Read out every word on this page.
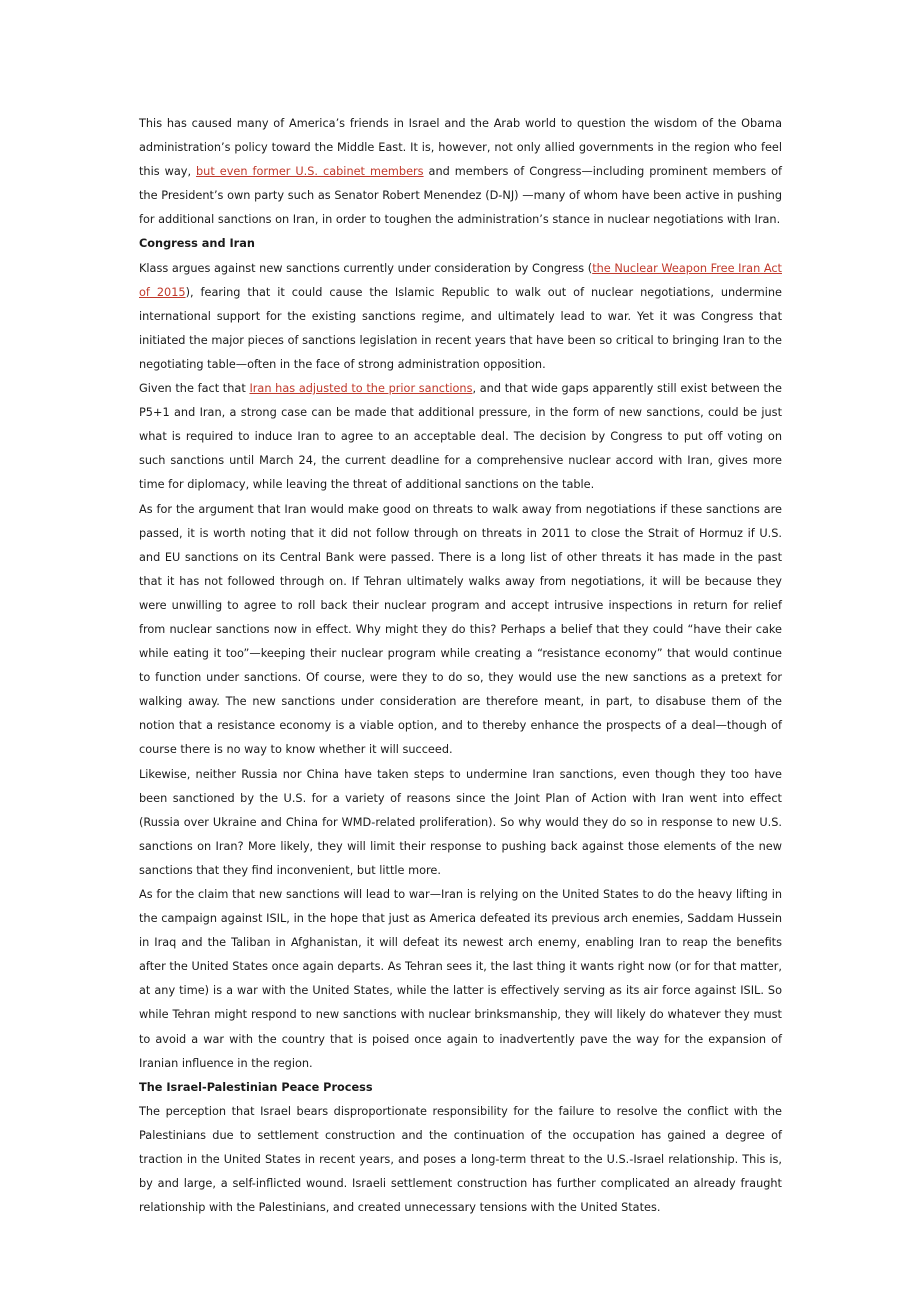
This has caused many of America’s friends in Israel and the Arab world to question the wisdom of the Obama administration’s policy toward the Middle East. It is, however, not only allied governments in the region who feel this way, but even former U.S. cabinet members and members of Congress—including prominent members of the President’s own party such as Senator Robert Menendez (D-NJ) —many of whom have been active in pushing for additional sanctions on Iran, in order to toughen the administration’s stance in nuclear negotiations with Iran.

Congress and Iran

Klass argues against new sanctions currently under consideration by Congress (the Nuclear Weapon Free Iran Act of 2015), fearing that it could cause the Islamic Republic to walk out of nuclear negotiations, undermine international support for the existing sanctions regime, and ultimately lead to war. Yet it was Congress that initiated the major pieces of sanctions legislation in recent years that have been so critical to bringing Iran to the negotiating table—often in the face of strong administration opposition.

Given the fact that Iran has adjusted to the prior sanctions, and that wide gaps apparently still exist between the P5+1 and Iran, a strong case can be made that additional pressure, in the form of new sanctions, could be just what is required to induce Iran to agree to an acceptable deal. The decision by Congress to put off voting on such sanctions until March 24, the current deadline for a comprehensive nuclear accord with Iran, gives more time for diplomacy, while leaving the threat of additional sanctions on the table.

As for the argument that Iran would make good on threats to walk away from negotiations if these sanctions are passed, it is worth noting that it did not follow through on threats in 2011 to close the Strait of Hormuz if U.S. and EU sanctions on its Central Bank were passed. There is a long list of other threats it has made in the past that it has not followed through on. If Tehran ultimately walks away from negotiations, it will be because they were unwilling to agree to roll back their nuclear program and accept intrusive inspections in return for relief from nuclear sanctions now in effect. Why might they do this? Perhaps a belief that they could “have their cake while eating it too”—keeping their nuclear program while creating a “resistance economy” that would continue to function under sanctions. Of course, were they to do so, they would use the new sanctions as a pretext for walking away. The new sanctions under consideration are therefore meant, in part, to disabuse them of the notion that a resistance economy is a viable option, and to thereby enhance the prospects of a deal—though of course there is no way to know whether it will succeed.

Likewise, neither Russia nor China have taken steps to undermine Iran sanctions, even though they too have been sanctioned by the U.S. for a variety of reasons since the Joint Plan of Action with Iran went into effect (Russia over Ukraine and China for WMD-related proliferation). So why would they do so in response to new U.S. sanctions on Iran? More likely, they will limit their response to pushing back against those elements of the new sanctions that they find inconvenient, but little more.

As for the claim that new sanctions will lead to war—Iran is relying on the United States to do the heavy lifting in the campaign against ISIL, in the hope that just as America defeated its previous arch enemies, Saddam Hussein in Iraq and the Taliban in Afghanistan, it will defeat its newest arch enemy, enabling Iran to reap the benefits after the United States once again departs. As Tehran sees it, the last thing it wants right now (or for that matter, at any time) is a war with the United States, while the latter is effectively serving as its air force against ISIL. So while Tehran might respond to new sanctions with nuclear brinksmanship, they will likely do whatever they must to avoid a war with the country that is poised once again to inadvertently pave the way for the expansion of Iranian influence in the region.

The Israel-Palestinian Peace Process

The perception that Israel bears disproportionate responsibility for the failure to resolve the conflict with the Palestinians due to settlement construction and the continuation of the occupation has gained a degree of traction in the United States in recent years, and poses a long-term threat to the U.S.-Israel relationship. This is, by and large, a self-inflicted wound. Israeli settlement construction has further complicated an already fraught relationship with the Palestinians, and created unnecessary tensions with the United States.
